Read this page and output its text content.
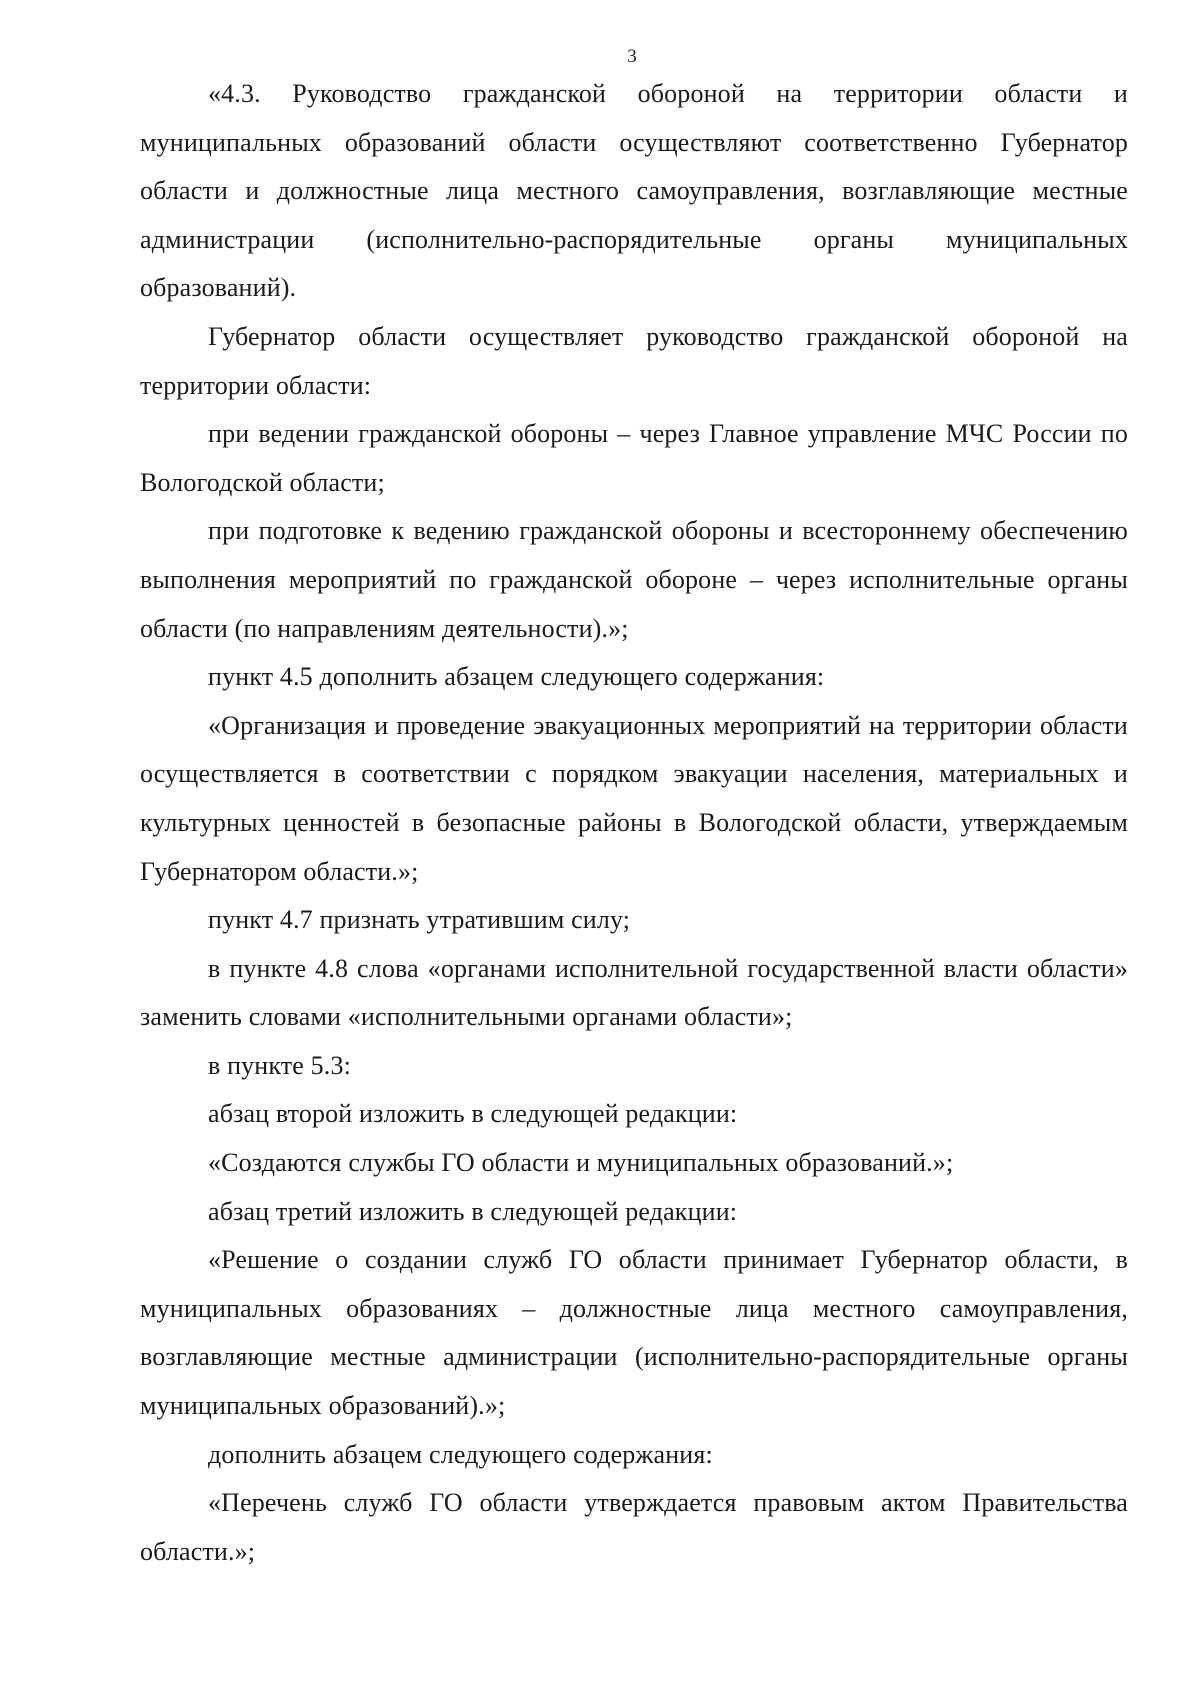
3

«4.3. Руководство гражданской обороной на территории области и муниципальных образований области осуществляют соответственно Губернатор области и должностные лица местного самоуправления, возглавляющие местные администрации (исполнительно-распорядительные органы муниципальных образований).

Губернатор области осуществляет руководство гражданской обороной на территории области:

при ведении гражданской обороны – через Главное управление МЧС России по Вологодской области;

при подготовке к ведению гражданской обороны и всестороннему обеспечению выполнения мероприятий по гражданской обороне – через исполнительные органы области (по направлениям деятельности).»;

пункт 4.5 дополнить абзацем следующего содержания:

«Организация и проведение эвакуационных мероприятий на территории области осуществляется в соответствии с порядком эвакуации населения, материальных и культурных ценностей в безопасные районы в Вологодской области, утверждаемым Губернатором области.»;

пункт 4.7 признать утратившим силу;

в пункте 4.8 слова «органами исполнительной государственной власти области» заменить словами «исполнительными органами области»;

в пункте 5.3:

абзац второй изложить в следующей редакции:

«Создаются службы ГО области и муниципальных образований.»;

абзац третий изложить в следующей редакции:

«Решение о создании служб ГО области принимает Губернатор области, в муниципальных образованиях – должностные лица местного самоуправления, возглавляющие местные администрации (исполнительно-распорядительные органы муниципальных образований).»;

дополнить абзацем следующего содержания:

«Перечень служб ГО области утверждается правовым актом Правительства области.»;
